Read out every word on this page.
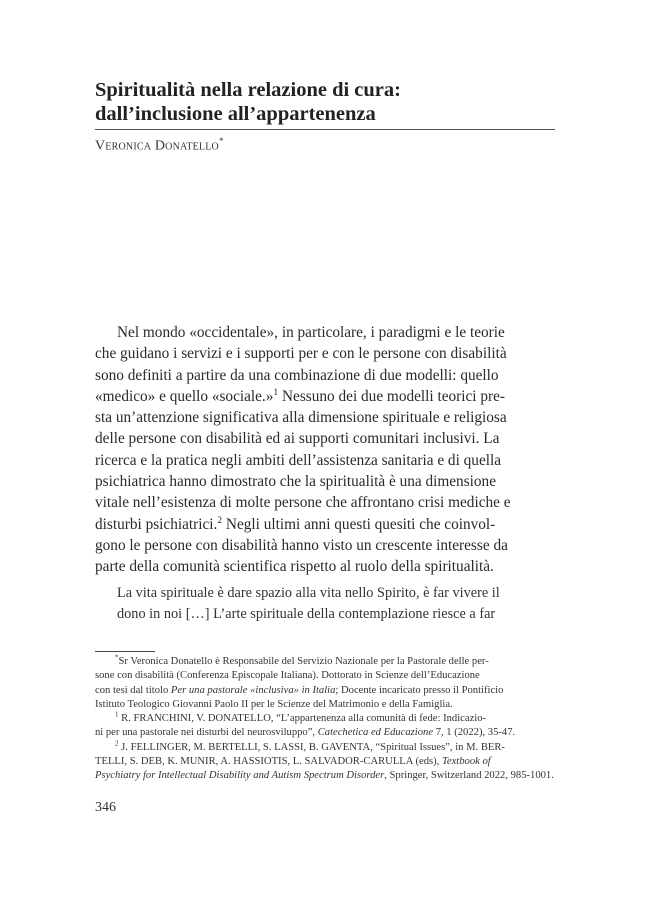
Spiritualità nella relazione di cura:
dall’inclusione all’appartenenza
Veronica Donatello*
Nel mondo «occidentale», in particolare, i paradigmi e le teorie
che guidano i servizi e i supporti per e con le persone con disabilità
sono definiti a partire da una combinazione di due modelli: quello
«medico» e quello «sociale.»$^1$ Nessuno dei due modelli teorici pre-
sta un’attenzione significativa alla dimensione spirituale e religiosa
delle persone con disabilità ed ai supporti comunitari inclusivi. La
ricerca e la pratica negli ambiti dell’assistenza sanitaria e di quella
psichiatrica hanno dimostrato che la spiritualità è una dimensione
vitale nell’esistenza di molte persone che affrontano crisi mediche e
disturbi psichiatrici.$^2$ Negli ultimi anni questi quesiti che coinvol-
gono le persone con disabilità hanno visto un crescente interesse da
parte della comunità scientifica rispetto al ruolo della spiritualità.
La vita spirituale è dare spazio alla vita nello Spirito, è far vivere il
dono in noi […] L’arte spirituale della contemplazione riesce a far
*Sr Veronica Donatello è Responsabile del Servizio Nazionale per la Pastorale delle per-
sone con disabilità (Conferenza Episcopale Italiana). Dottorato in Scienze dell’Educazione
con tesi dal titolo Per una pastorale «inclusiva» in Italia; Docente incaricato presso il Pontificio
Istituto Teologico Giovanni Paolo II per le Scienze del Matrimonio e della Famiglia.
$^1$ R. FRANCHINI, V. DONATELLO, “L’appartenenza alla comunità di fede: Indicazio-
ni per una pastorale nei disturbi del neurosviluppo”, Catechetica ed Educazione 7, 1 (2022), 35-47.
$^2$ J. FELLINGER, M. BERTELLI, S. LASSI, B. GAVENTA, “Spiritual Issues”, in M. BER-
TELLI, S. DEB, K. MUNIR, A. HASSIOTIS, L. SALVADOR-CARULLA (eds), Textbook of
Psychiatry for Intellectual Disability and Autism Spectrum Disorder, Springer, Switzerland 2022, 985-1001.
346
